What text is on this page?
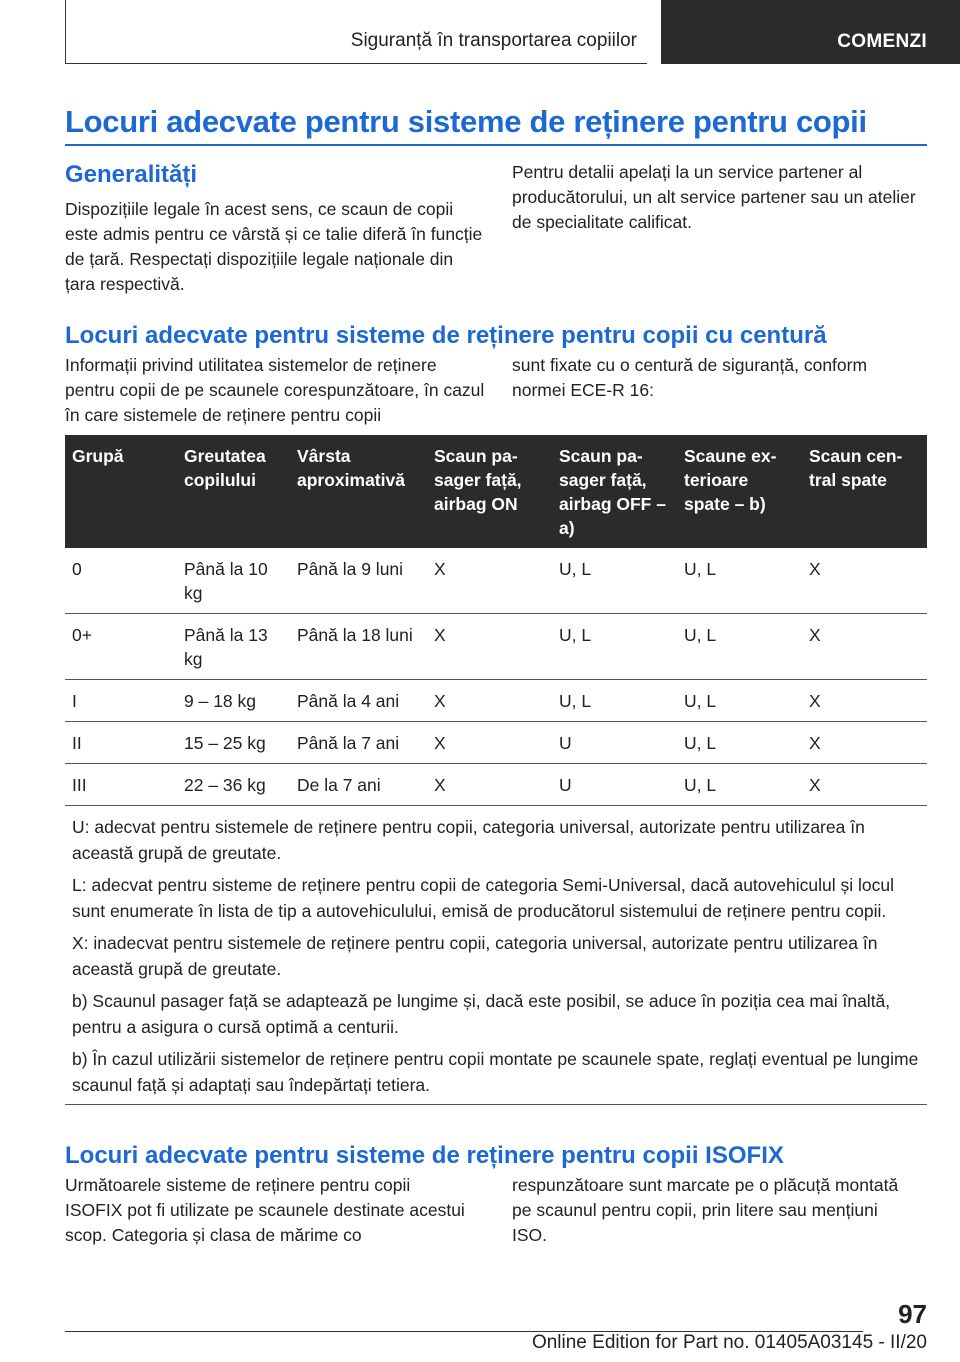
Siguranță în transportarea copiilor	COMENZI
Locuri adecvate pentru sisteme de reținere pentru copii
Generalități

Dispozițiile legale în acest sens, ce scaun de copii este admis pentru ce vârstă și ce talie diferă în funcție de țară. Respectați dispozițiile legale naționale din țara respectivă.

Pentru detalii apelați la un service partener al producătorului, un alt service partener sau un atelier de specialitate calificat.

Locuri adecvate pentru sisteme de reținere pentru copii cu centură

Informații privind utilitatea sistemelor de reținere pentru copii de pe scaunele corespunzătoare, în cazul în care sistemele de reținere pentru copii

sunt fixate cu o centură de siguranță, conform normei ECE-R 16:

Grupă	Greutatea copilului	Vârsta aproximativă	Scaun pasager față, airbag ON	Scaun pasager față, airbag OFF – a)	Scaune exterioare spate – b)	Scaun central spate
0	Până la 10 kg	Până la 9 luni	X	U, L	U, L	X
0+	Până la 13 kg	Până la 18 luni	X	U, L	U, L	X
I	9 – 18 kg	Până la 4 ani	X	U, L	U, L	X
II	15 – 25 kg	Până la 7 ani	X	U	U, L	X
III	22 – 36 kg	De la 7 ani	X	U	U, L	X

U: adecvat pentru sistemele de reținere pentru copii, categoria universal, autorizate pentru utilizarea în această grupă de greutate.

L: adecvat pentru sisteme de reținere pentru copii de categoria Semi-Universal, dacă autovehiculul și locul sunt enumerate în lista de tip a autovehiculului, emisă de producătorul sistemului de reținere pentru copii.

X: inadecvat pentru sistemele de reținere pentru copii, categoria universal, autorizate pentru utilizarea în această grupă de greutate.

b) Scaunul pasager față se adaptează pe lungime și, dacă este posibil, se aduce în poziția cea mai înaltă, pentru a asigura o cursă optimă a centurii.

b) În cazul utilizării sistemelor de reținere pentru copii montate pe scaunele spate, reglați eventual pe lungime scaunul față și adaptați sau îndepărtați tetiera.						

Locuri adecvate pentru sisteme de reținere pentru copii ISOFIX

Următoarele sisteme de reținere pentru copii ISOFIX pot fi utilizate pe scaunele destinate acestui scop. Categoria și clasa de mărime co

respunzătoare sunt marcate pe o plăcuță montată pe scaunul pentru copii, prin litere sau mențiuni ISO.

97
Online Edition for Part no. 01405A03145 - II/20
